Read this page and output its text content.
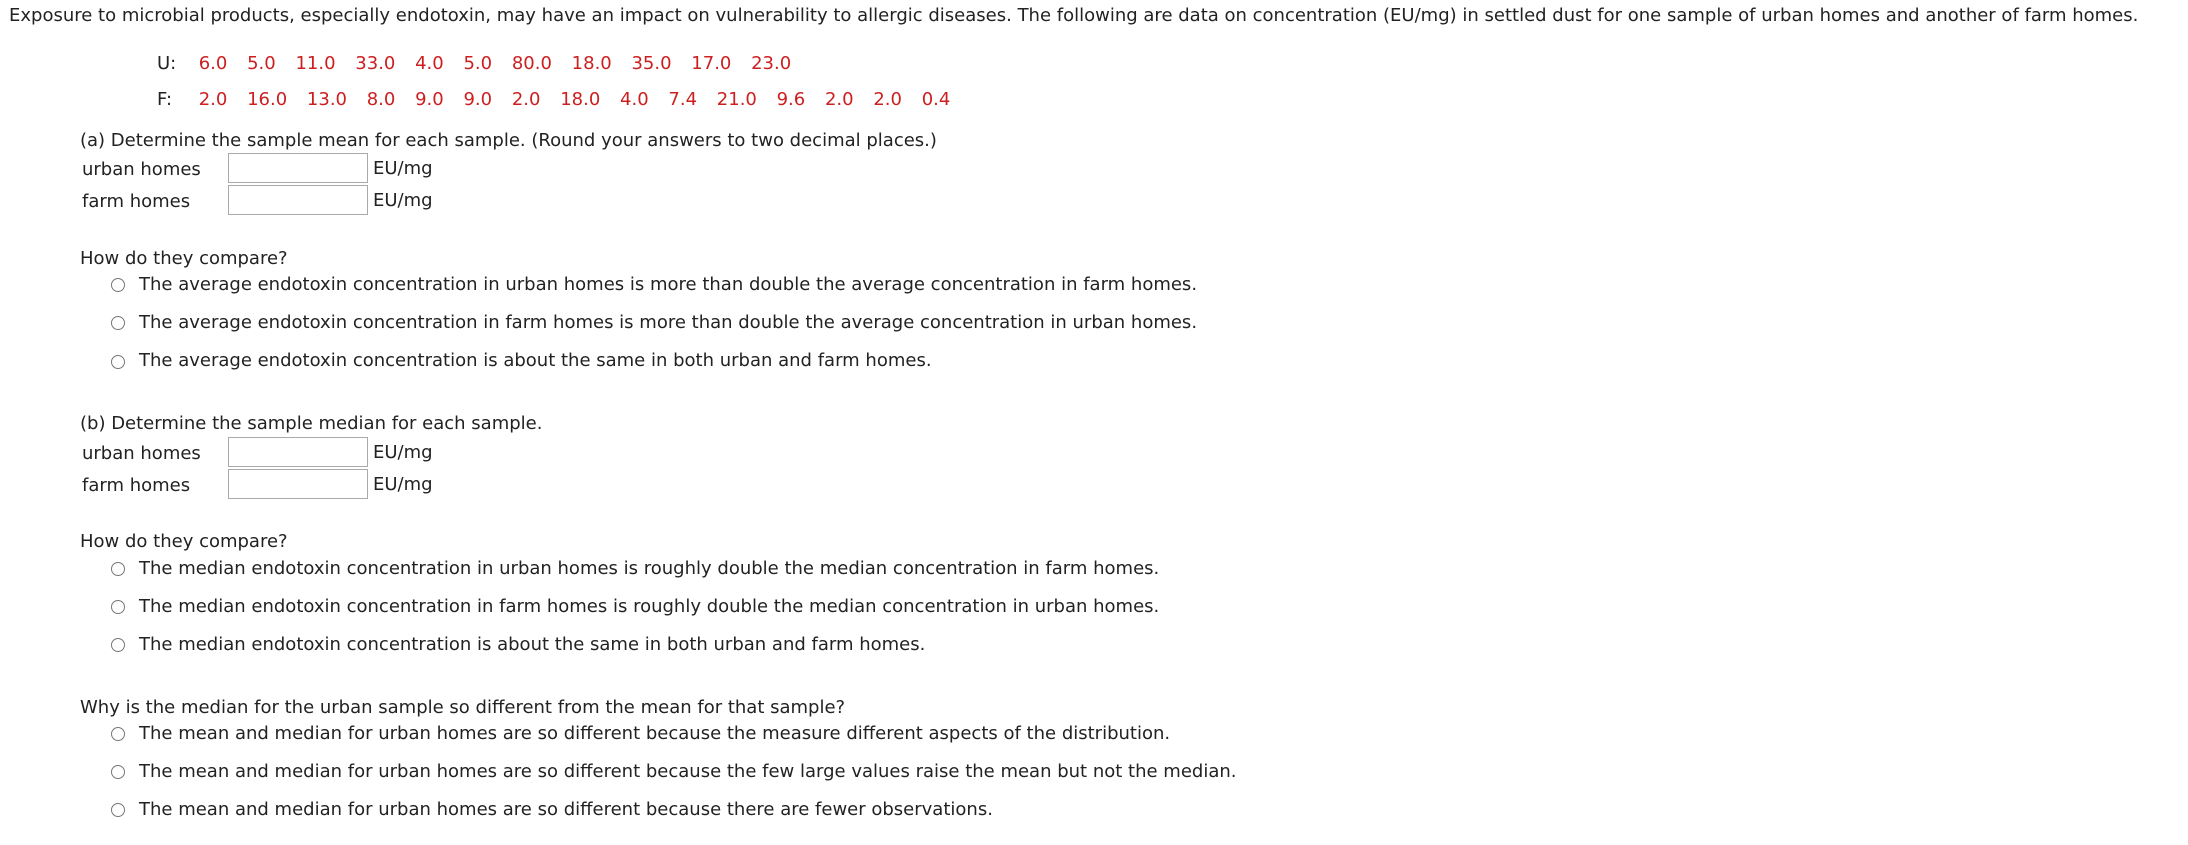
Exposure to microbial products, especially endotoxin, may have an impact on vulnerability to allergic diseases. The following are data on concentration (EU/mg) in settled dust for one sample of urban homes and another of farm homes.
U: 6.0 5.0 11.0 33.0 4.0 5.0 80.0 18.0 35.0 17.0 23.0
F: 2.0 16.0 13.0 8.0 9.0 9.0 2.0 18.0 4.0 7.4 21.0 9.6 2.0 2.0 0.4
(a) Determine the sample mean for each sample. (Round your answers to two decimal places.)
urban homes	EU/mg
farm homes	EU/mg
How do they compare?
The average endotoxin concentration in urban homes is more than double the average concentration in farm homes.
The average endotoxin concentration in farm homes is more than double the average concentration in urban homes.
The average endotoxin concentration is about the same in both urban and farm homes.
(b) Determine the sample median for each sample.
urban homes	EU/mg
farm homes	EU/mg
How do they compare?
The median endotoxin concentration in urban homes is roughly double the median concentration in farm homes.
The median endotoxin concentration in farm homes is roughly double the median concentration in urban homes.
The median endotoxin concentration is about the same in both urban and farm homes.
Why is the median for the urban sample so different from the mean for that sample?
The mean and median for urban homes are so different because the measure different aspects of the distribution.
The mean and median for urban homes are so different because the few large values raise the mean but not the median.
The mean and median for urban homes are so different because there are fewer observations.
